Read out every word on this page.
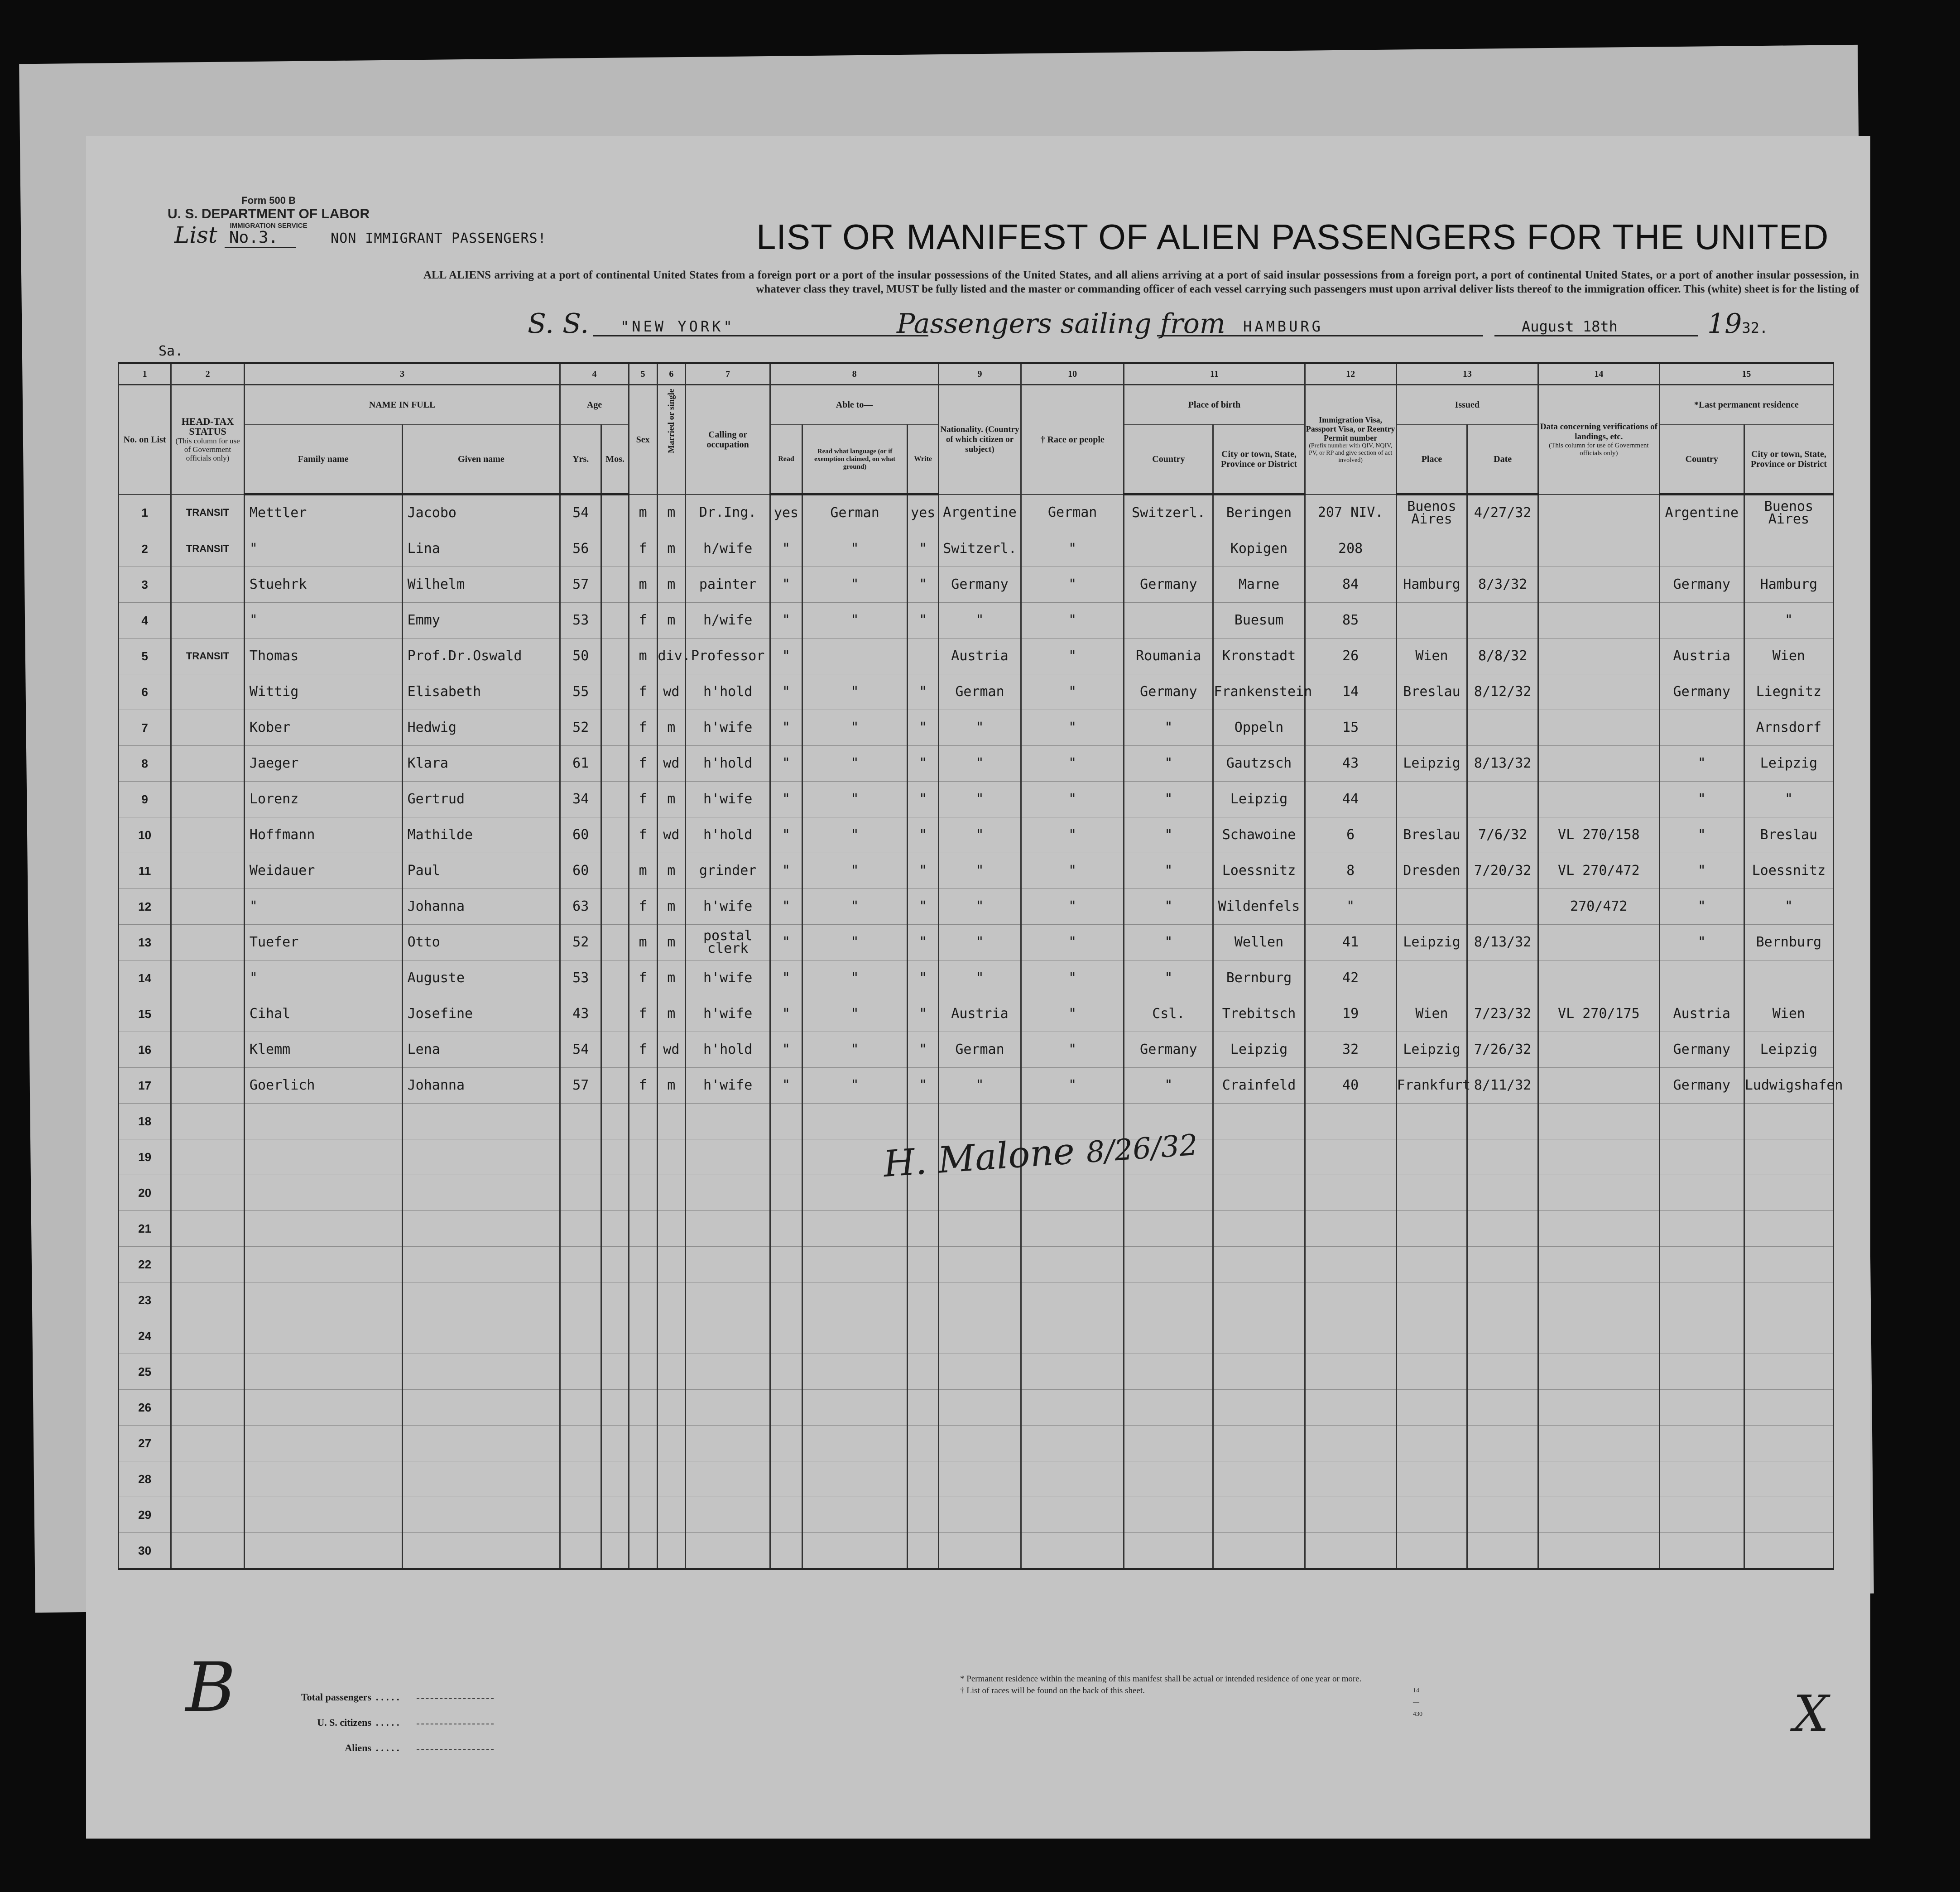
Form 500 B
U. S. DEPARTMENT OF LABOR
IMMIGRATION SERVICE
List No.3.	NON IMMIGRANT PASSENGERS!	LIST OR MANIFEST OF ALIEN PASSENGERS FOR THE UNITED
ALL ALIENS arriving at a port of continental United States from a foreign port or a port of the insular possessions of the United States, and all aliens arriving at a port of said insular possessions from a foreign port, a port of continental United States, or a port of another insular possession, in whatever class they travel, MUST be fully listed and the master or commanding officer of each vessel carrying such passengers must upon arrival deliver lists thereof to the immigration officer. This (white) sheet is for the listing of
S. S.	"NEW YORK"	Passengers sailing from	HAMBURG	August 18th	1932.
Sa.
1	2	3		4		5	6	7	8			9	10	11		12	13		14	15	
No. on List	HEAD-TAX STATUS
(This column for use of Government officials only)	NAME IN FULL		Age		Sex	Married or single	Calling or occupation	Able to—			Nationality. (Country of which citizen or subject)	† Race or people	Place of birth		Immigration Visa, Passport Visa, or Reentry Permit number
(Prefix number with QIV, NQIV, PV, or RP and give section of act involved)	Issued		Data concerning verifications of landings, etc.
(This column for use of Government officials only)	*Last permanent residence	
		Family name	Given name	Yrs.	Mos.				Read	Read what language (or if exemption claimed, on what ground)	Write			Country	City or town, State, Province or District		Place	Date		Country	City or town, State, Province or District
1	TRANSIT	Mettler	Jacobo	54		m	m	Dr.Ing.	yes	German	yes	Argentine	German	Switzerl.	Beringen	207 NIV.	Buenos Aires	4/27/32		Argentine	Buenos Aires
2	TRANSIT	"	Lina	56		f	m	h/wife	"	"	"	Switzerl.	"		Kopigen	208					
3		Stuehrk	Wilhelm	57		m	m	painter	"	"	"	Germany	"	Germany	Marne	84	Hamburg	8/3/32		Germany	Hamburg
4		"	Emmy	53		f	m	h/wife	"	"	"	"	"		Buesum	85					"
5	TRANSIT	Thomas	Prof.Dr.Oswald	50		m	div.	Professor	"			Austria	"	Roumania	Kronstadt	26	Wien	8/8/32		Austria	Wien
6		Wittig	Elisabeth	55		f	wd	h'hold	"	"	"	German	"	Germany	Frankenstein	14	Breslau	8/12/32		Germany	Liegnitz
7		Kober	Hedwig	52		f	m	h'wife	"	"	"	"	"	"	Oppeln	15					Arnsdorf
8		Jaeger	Klara	61		f	wd	h'hold	"	"	"	"	"	"	Gautzsch	43	Leipzig	8/13/32		"	Leipzig
9		Lorenz	Gertrud	34		f	m	h'wife	"	"	"	"	"	"	Leipzig	44				"	"
10		Hoffmann	Mathilde	60		f	wd	h'hold	"	"	"	"	"	"	Schawoine	6	Breslau	7/6/32	VL 270/158	"	Breslau
11		Weidauer	Paul	60		m	m	grinder	"	"	"	"	"	"	Loessnitz	8	Dresden	7/20/32	VL 270/472	"	Loessnitz
12		"	Johanna	63		f	m	h'wife	"	"	"	"	"	"	Wildenfels	"			270/472	"	"
13		Tuefer	Otto	52		m	m	postal clerk	"	"	"	"	"	"	Wellen	41	Leipzig	8/13/32		"	Bernburg
14		"	Auguste	53		f	m	h'wife	"	"	"	"	"	"	Bernburg	42					
15		Cihal	Josefine	43		f	m	h'wife	"	"	"	Austria	"	Csl.	Trebitsch	19	Wien	7/23/32	VL 270/175	Austria	Wien
16		Klemm	Lena	54		f	wd	h'hold	"	"	"	German	"	Germany	Leipzig	32	Leipzig	7/26/32		Germany	Leipzig
17		Goerlich	Johanna	57		f	m	h'wife	"	"	"	"	"	"	Crainfeld	40	Frankfurt	8/11/32		Germany	Ludwigshafen
18	

19	

20	

21	

22	

23	

24	

25	

26	

27	

28	

29	

30	

Total passengers .....
U. S. citizens .....
Aliens .....
* Permanent residence within the meaning of this manifest shall be actual or intended residence of one year or more.
† List of races will be found on the back of this sheet.	14—430
B	X
H. Malone 8/26/32
